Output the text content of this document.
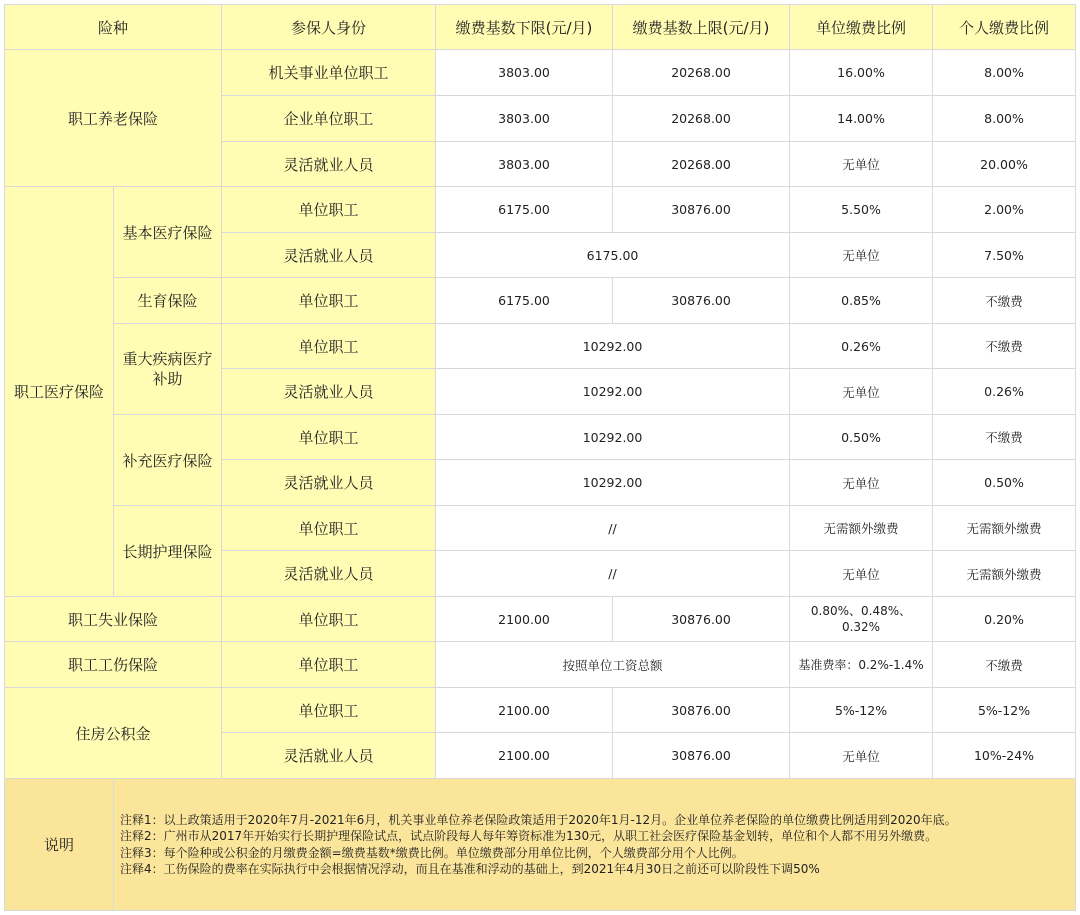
险种		参保人身份	缴费基数下限(元/月)	缴费基数上限(元/月)	单位缴费比例	个人缴费比例
职工养老保险		机关事业单位职工	3803.00	20268.00	16.00%	8.00%
		企业单位职工	3803.00	20268.00	14.00%	8.00%
		灵活就业人员	3803.00	20268.00	无单位	20.00%
职工医疗保险	基本医疗保险	单位职工	6175.00	30876.00	5.50%	2.00%
		灵活就业人员	6175.00		无单位	7.50%
	生育保险	单位职工	6175.00	30876.00	0.85%	不缴费
	重大疾病医疗补助	单位职工	10292.00		0.26%	不缴费
		灵活就业人员	10292.00		无单位	0.26%
	补充医疗保险	单位职工	10292.00		0.50%	不缴费
		灵活就业人员	10292.00		无单位	0.50%
	长期护理保险	单位职工	//		无需额外缴费	无需额外缴费
		灵活就业人员	//		无单位	无需额外缴费
职工失业保险		单位职工	2100.00	30876.00	0.80%、0.48%、0.32%	0.20%
职工工伤保险		单位职工	按照单位工资总额		基准费率：0.2%-1.4%	不缴费
住房公积金		单位职工	2100.00	30876.00	5%-12%	5%-12%
		灵活就业人员	2100.00	30876.00	无单位	10%-24%
说明	注释1：以上政策适用于2020年7月-2021年6月，机关事业单位养老保险政策适用于2020年1月-12月。企业单位养老保险的单位缴费比例适用到2020年底。
注释2：广州市从2017年开始实行长期护理保险试点，试点阶段每人每年筹资标准为130元，从职工社会医疗保险基金划转，单位和个人都不用另外缴费。
注释3：每个险种或公积金的月缴费金额=缴费基数*缴费比例。单位缴费部分用单位比例，个人缴费部分用个人比例。
注释4：工伤保险的费率在实际执行中会根据情况浮动，而且在基准和浮动的基础上，到2021年4月30日之前还可以阶段性下调50%					
